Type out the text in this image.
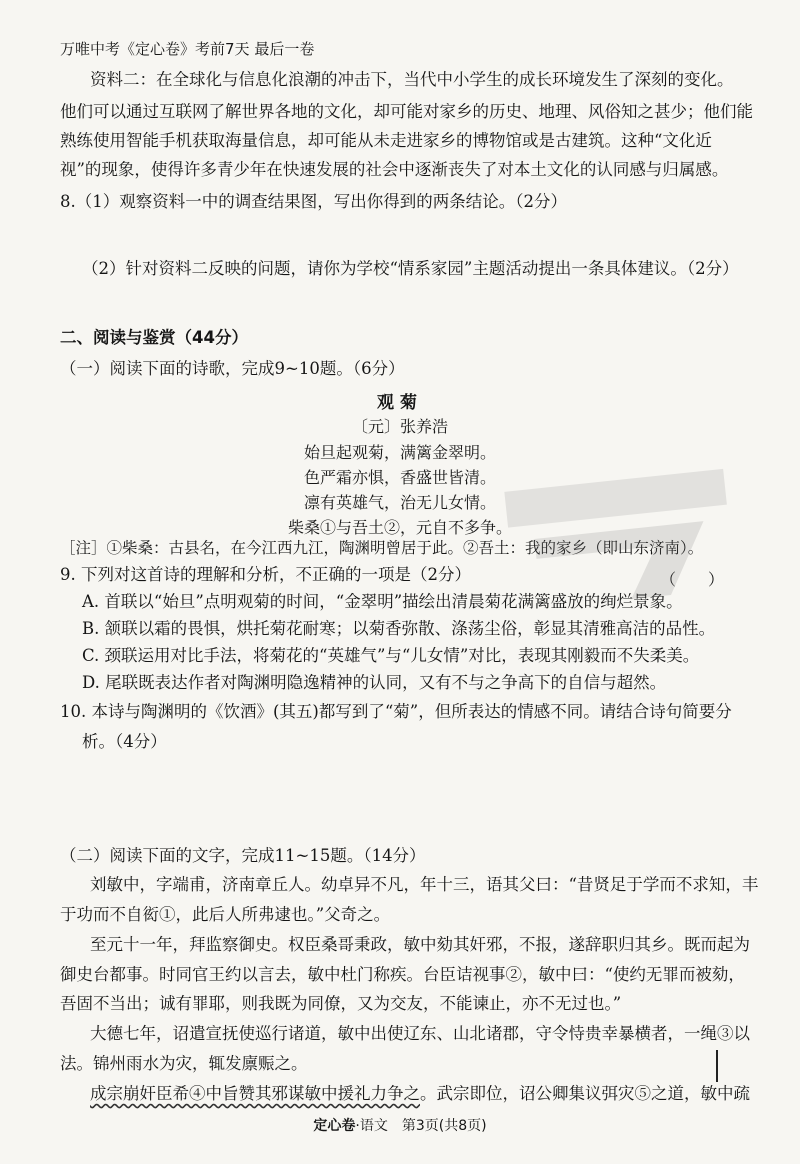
万唯中考《定心卷》考前7天 最后一卷
资料二：在全球化与信息化浪潮的冲击下，当代中小学生的成长环境发生了深刻的变化。
他们可以通过互联网了解世界各地的文化，却可能对家乡的历史、地理、风俗知之甚少；他们能
熟练使用智能手机获取海量信息，却可能从未走进家乡的博物馆或是古建筑。这种“文化近
视”的现象，使得许多青少年在快速发展的社会中逐渐丧失了对本土文化的认同感与归属感。
8.（1）观察资料一中的调查结果图，写出你得到的两条结论。（2分）
（2）针对资料二反映的问题，请你为学校“情系家园”主题活动提出一条具体建议。（2分）
二、阅读与鉴赏（44分）
（一）阅读下面的诗歌，完成9~10题。（6分）
观菊
〔元〕张养浩
始旦起观菊，满篱金翠明。
色严霜亦惧，香盛世皆清。
凛有英雄气，治无儿女情。
柴桑①与吾土②，元自不多争。
［注］①柴桑：古县名，在今江西九江，陶渊明曾居于此。②吾土：我的家乡（即山东济南）。
9. 下列对这首诗的理解和分析，不正确的一项是（2分）	（　　）
A. 首联以“始旦”点明观菊的时间，“金翠明”描绘出清晨菊花满篱盛放的绚烂景象。
B. 颔联以霜的畏惧，烘托菊花耐寒；以菊香弥散、涤荡尘俗，彰显其清雅高洁的品性。
C. 颈联运用对比手法，将菊花的“英雄气”与“儿女情”对比，表现其刚毅而不失柔美。
D. 尾联既表达作者对陶渊明隐逸精神的认同，又有不与之争高下的自信与超然。
10. 本诗与陶渊明的《饮酒》(其五)都写到了“菊”，但所表达的情感不同。请结合诗句简要分
析。（4分）
（二）阅读下面的文字，完成11~15题。（14分）
刘敏中，字端甫，济南章丘人。幼卓异不凡，年十三，语其父曰：“昔贤足于学而不求知，丰
于功而不自衒①，此后人所弗逮也。”父奇之。
至元十一年，拜监察御史。权臣桑哥秉政，敏中劾其奸邪，不报，遂辞职归其乡。既而起为
御史台都事。时同官王约以言去，敏中杜门称疾。台臣诘视事②，敏中曰：“使约无罪而被劾，
吾固不当出；诚有罪耶，则我既为同僚，又为交友，不能谏止，亦不无过也。”
大德七年，诏遣宣抚使巡行诸道，敏中出使辽东、山北诸郡，守令恃贵幸暴横者，一绳③以
法。锦州雨水为灾，辄发廪赈之。
成宗崩奸臣希④中旨赞其邪谋敏中援礼力争之。武宗即位，诏公卿集议弭灾⑤之道，敏中疏
定心卷·语文　第3页(共8页)
